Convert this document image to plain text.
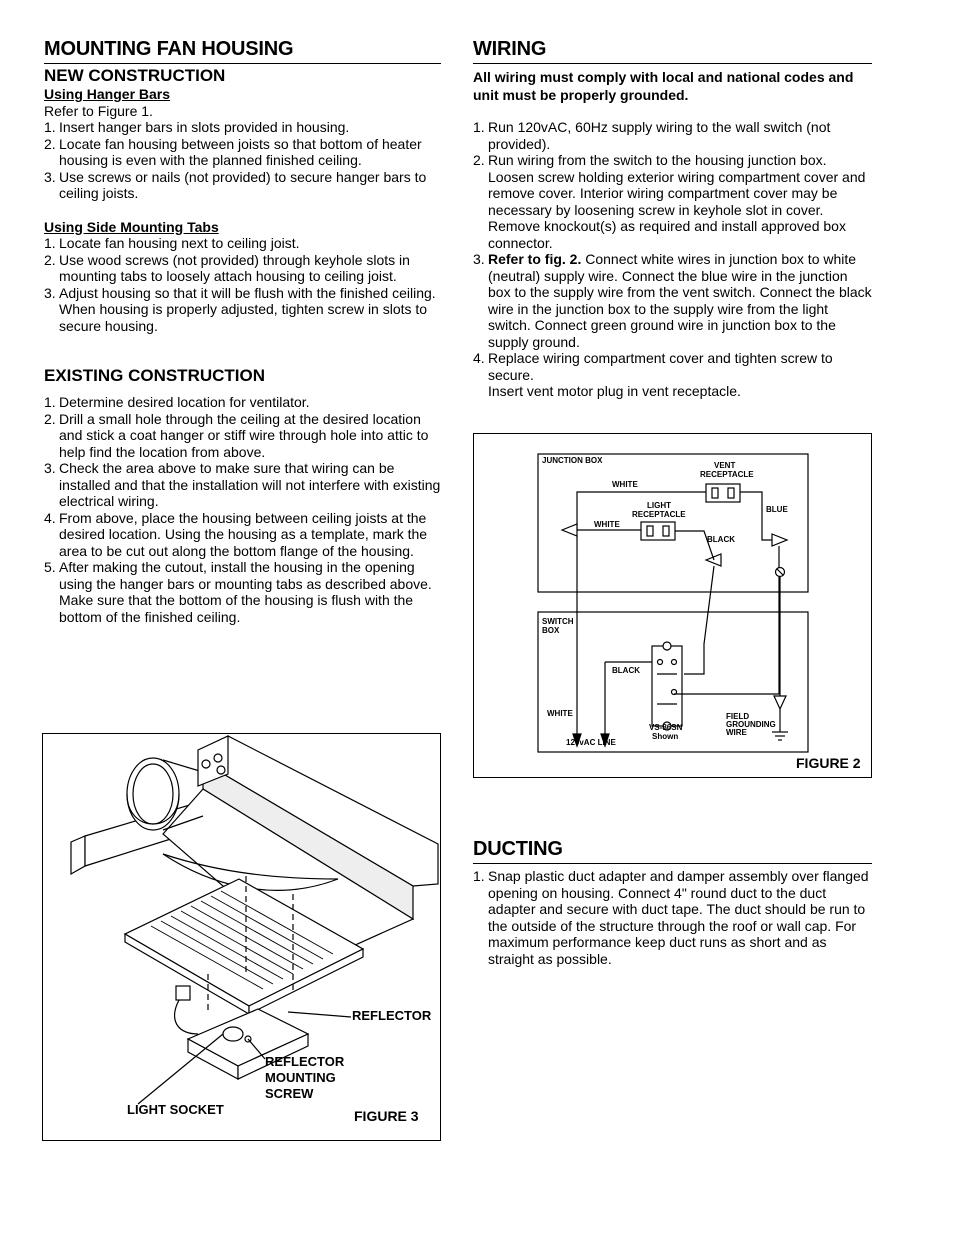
MOUNTING FAN HOUSING
NEW CONSTRUCTION
Using Hanger Bars

Refer to Figure 1.

1. Insert hanger bars in slots provided in housing.
2. Locate fan housing between joists so that bottom of heater housing is even with the planned finished ceiling.
3. Use screws or nails (not provided) to secure hanger bars to ceiling joists.
Using Side Mounting Tabs
1. Locate fan housing next to ceiling joist.
2. Use wood screws (not provided) through keyhole slots in mounting tabs to loosely attach housing to ceiling joist.
3. Adjust housing so that it will be flush with the finished ceiling. When housing is properly adjusted, tighten screw in slots to secure housing.
EXISTING CONSTRUCTION
1. Determine desired location for ventilator.
2. Drill a small hole through the ceiling at the desired location and stick a coat hanger or stiff wire through hole into attic to help find the location from above.
3. Check the area above to make sure that wiring can be installed and that the installation will not interfere with existing electrical wiring.
4. From above, place the housing between ceiling joists at the desired location. Using the housing as a template, mark the area to be cut out along the bottom flange of the housing.
5. After making the cutout, install the housing in the opening using the hanger bars or mounting tabs as described above. Make sure that the bottom of the housing is flush with the bottom of the finished ceiling.
REFLECTOR
REFLECTOR
MOUNTING
SCREW
LIGHT SOCKET	FIGURE 3
WIRING

All wiring must comply with local and national codes and unit must be properly grounded.

1. Run 120vAC, 60Hz supply wiring to the wall switch (not provided).
2. Run wiring from the switch to the housing junction box. Loosen screw holding exterior wiring compartment cover and remove cover. Interior wiring compartment cover may be necessary by loosening screw in keyhole slot in cover. Remove knockout(s) as required and install approved box connector.
3. Refer to fig. 2. Connect white wires in junction box to white (neutral) supply wire. Connect the blue wire in the junction box to the supply wire from the vent switch. Connect the black wire in the junction box to the supply wire from the light switch. Connect green ground wire in junction box to the supply ground.
4. Replace wiring compartment cover and tighten screw to secure.
Insert vent motor plug in vent receptacle.
JUNCTION BOX
VENT
RECEPTACLE
WHITE
LIGHT
RECEPTACLE
WHITE
BLUE
BLACK
SWITCH
BOX
BLACK
WHITE
120vAC LINE
VS-86SN
Shown
FIELD
GROUNDING
WIRE
FIGURE 2
DUCTING
1. Snap plastic duct adapter and damper assembly over flanged opening on housing. Connect 4" round duct to the duct adapter and secure with duct tape. The duct should be run to the outside of the structure through the roof or wall cap. For maximum performance keep duct runs as short and as straight as possible.
